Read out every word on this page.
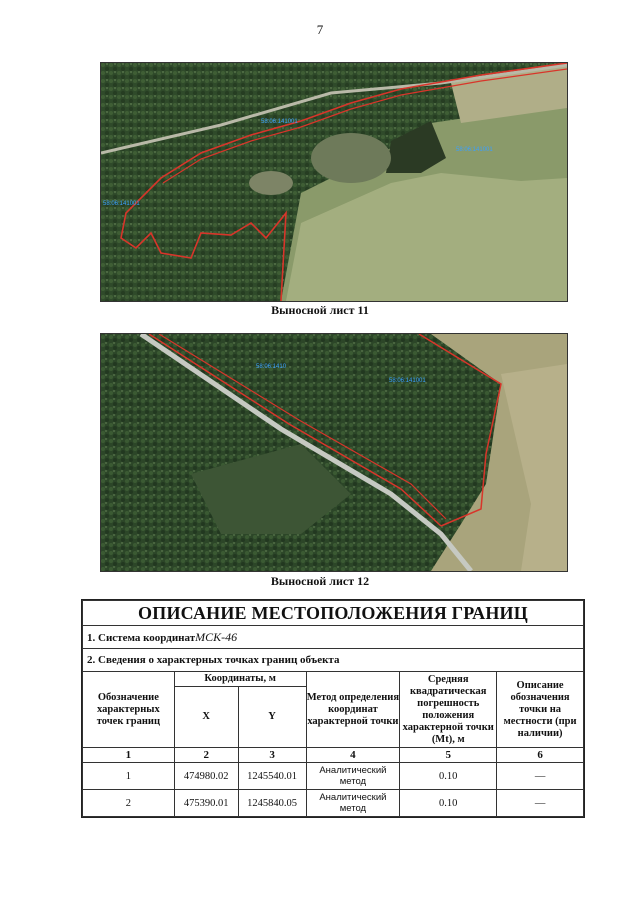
7
58:06:141001
58:06:141001
58:06:141001
Выносной лист 11
58:06:1410
58:06:141001
Выносной лист 12
ОПИСАНИЕ МЕСТОПОЛОЖЕНИЯ ГРАНИЦ					
1. Система координатМСК-46					
2. Сведения о характерных точках границ объекта					
Обозначение характерных точек границ	Координаты, м		Метод определения координат характерной точки	Средняя квадратическая погрешность положения характерной точки (Mt), м	Описание обозначения точки на местности (при наличии)
	X	Y			
1	2	3	4	5	6
1	474980.02	1245540.01	Аналитический метод	0.10	—
2	475390.01	1245840.05	Аналитический метод	0.10	—
